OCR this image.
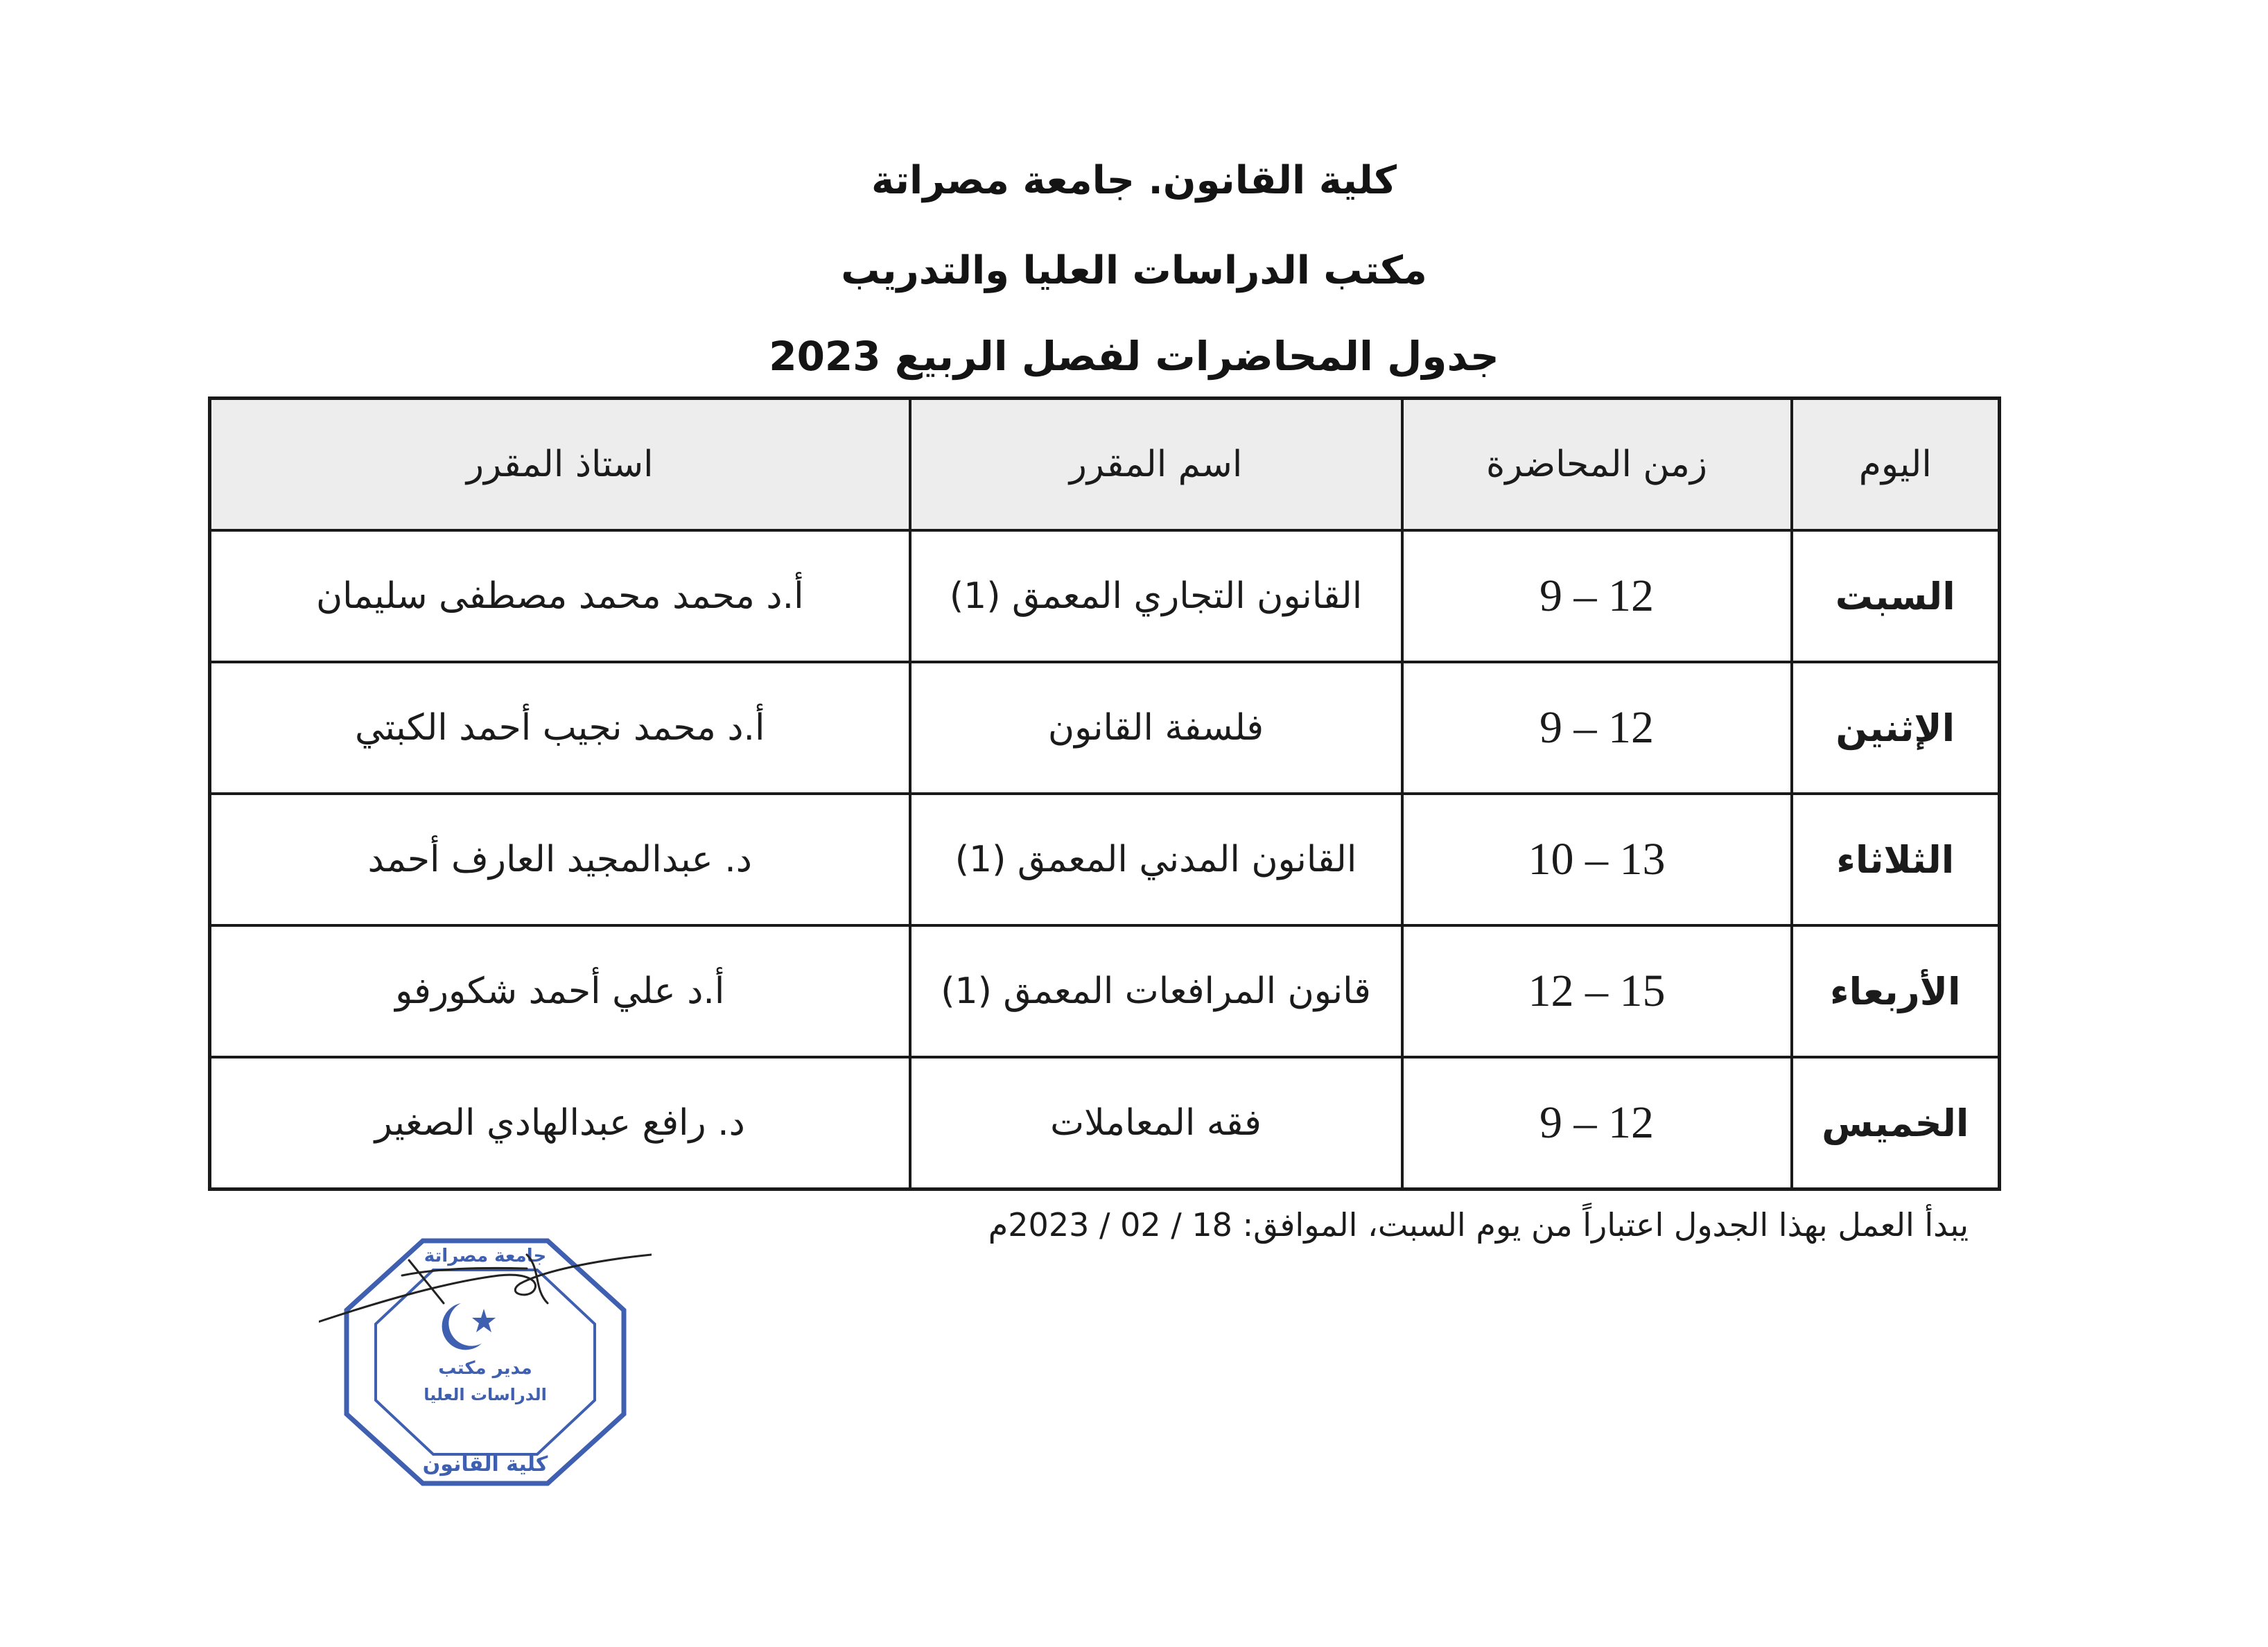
كلية القانون. جامعة مصراتة
مكتب الدراسات العليا والتدريب
جدول المحاضرات لفصل الربيع 2023
اليوم	زمن المحاضرة	اسم المقرر	استاذ المقرر
السبت	9 – 12	القانون التجاري المعمق (1)	أ.د محمد محمد مصطفى سليمان
الإثنين	9 – 12	فلسفة القانون	أ.د محمد نجيب أحمد الكبتي
الثلاثاء	10 – 13	القانون المدني المعمق (1)	د. عبدالمجيد العارف أحمد
الأربعاء	12 – 15	قانون المرافعات المعمق (1)	أ.د علي أحمد شكورفو
الخميس	9 – 12	فقه المعاملات	د. رافع عبدالهادي الصغير
يبدأ العمل بهذا الجدول اعتباراً من يوم السبت، الموافق: 18 / 02 / 2023م
مدير مكتب
الدراسات العليا
كلية القانون
جامعة مصراتة
